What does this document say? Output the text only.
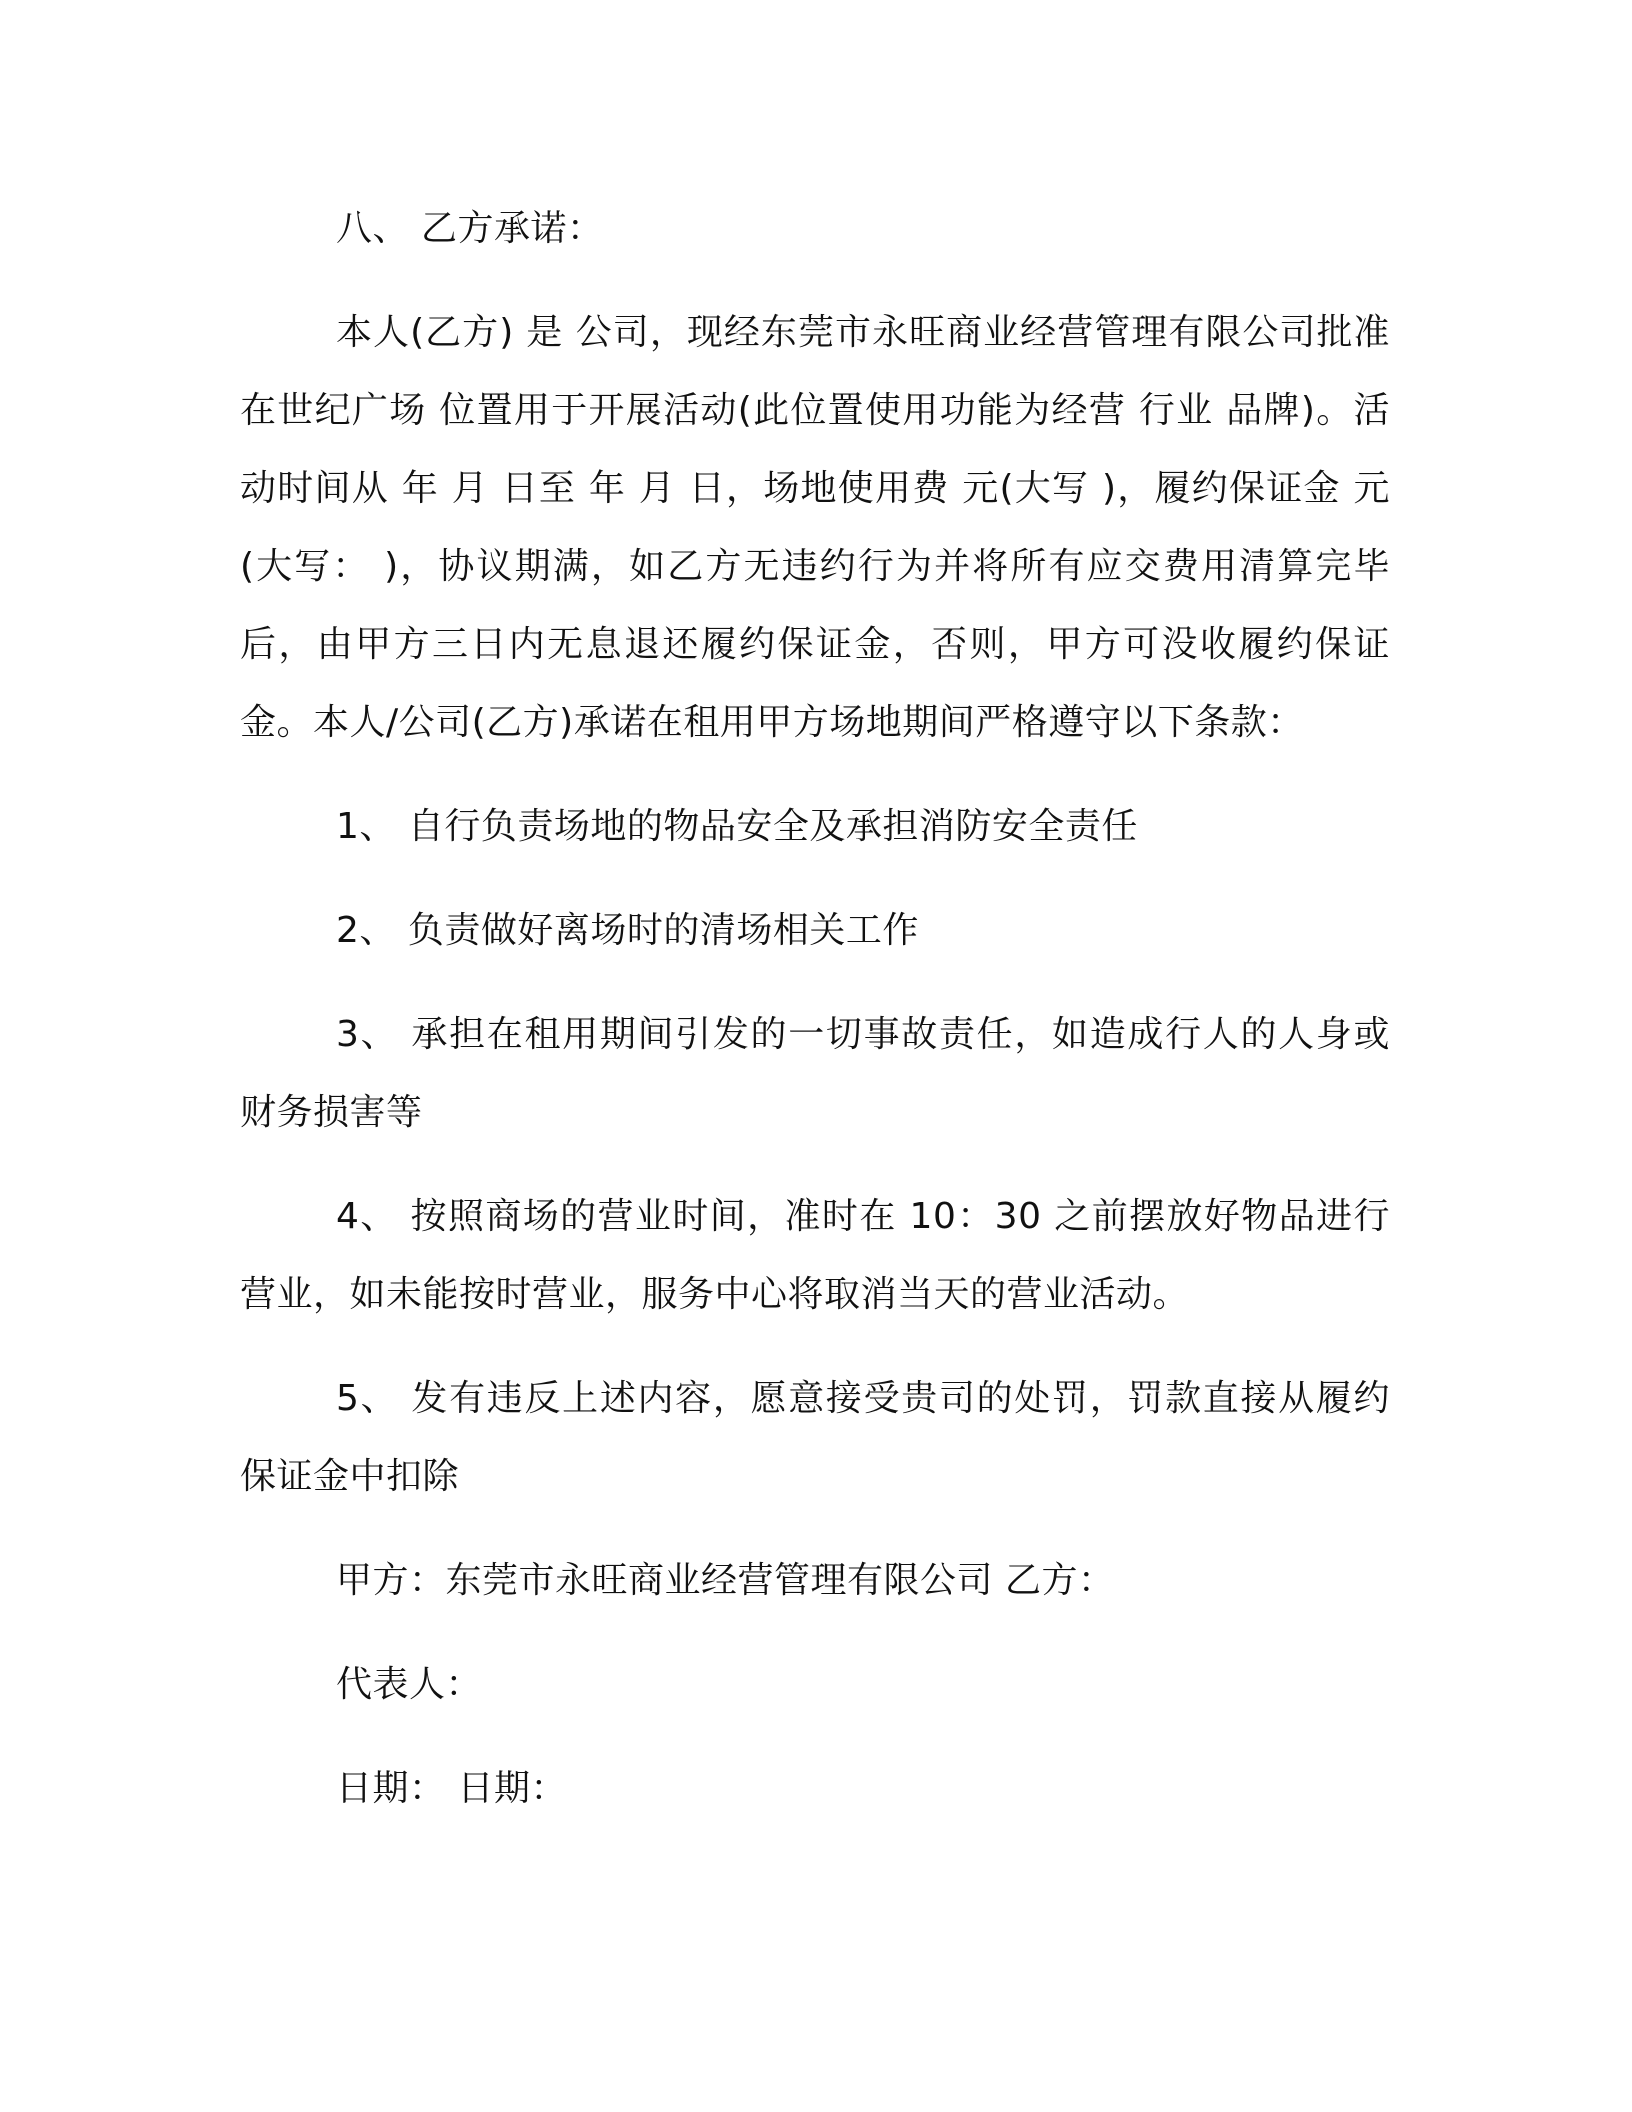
八、 乙方承诺：

本人(乙方) 是 公司，现经东莞市永旺商业经营管理有限公司批准在世纪广场 位置用于开展活动(此位置使用功能为经营 行业 品牌)。活动时间从 年 月 日至 年 月 日，场地使用费 元(大写 )，履约保证金 元(大写： )，协议期满，如乙方无违约行为并将所有应交费用清算完毕后，由甲方三日内无息退还履约保证金，否则，甲方可没收履约保证金。本人/公司(乙方)承诺在租用甲方场地期间严格遵守以下条款：

1、 自行负责场地的物品安全及承担消防安全责任

2、 负责做好离场时的清场相关工作

3、 承担在租用期间引发的一切事故责任，如造成行人的人身或财务损害等

4、 按照商场的营业时间，准时在 10：30 之前摆放好物品进行营业，如未能按时营业，服务中心将取消当天的营业活动。

5、 发有违反上述内容，愿意接受贵司的处罚，罚款直接从履约保证金中扣除

甲方：东莞市永旺商业经营管理有限公司 乙方：

代表人：

日期： 日期：
